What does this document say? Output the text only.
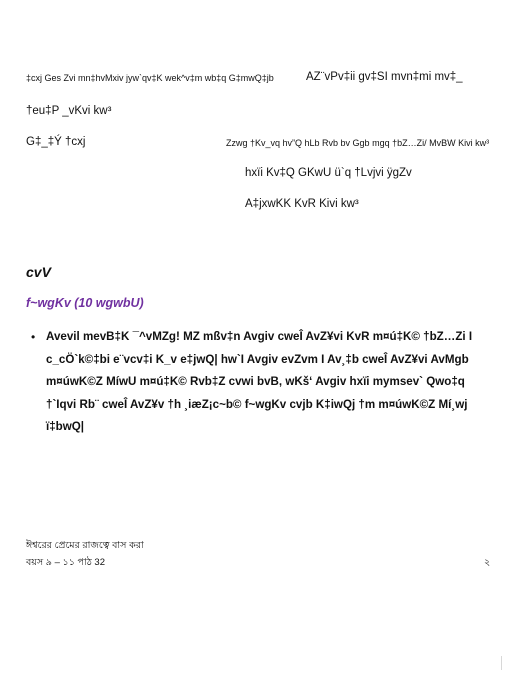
‡cxj Ges Zvi mn‡hvMxiv jyw`qv‡K wek^v‡m wb‡q G‡mwQ‡jb	AZ¨vPv‡ii gv‡SI mvn‡mi mv‡_
†eu‡P _vKvi kw³
G‡_‡Ý †cxj	Zzwg †Kv_vq hv”Q hLb Rvb bv Ggb mgq †bZ…Zi/ MvBW Kivi kw³
hxïi Kv‡Q GKwU ü`q †Lvjvi ÿgZv
A‡jxwKK KvR Kivi kw³
cvV
f~wgKv (10 wgwbU)
• Avevil mevB‡K ¯^vMZg! MZ mßv‡n Avgiv cweÎ AvZ¥vi KvR m¤ú‡K© †bZ…Zi I
c_cÖ`k©‡bi e¨vcv‡i K_v e‡jwQ| hw`I Avgiv evZvm I Av¸‡b cweÎ AvZ¥vi AvMgb
m¤úwK©Z MíwU m¤ú‡K© Rvb‡Z cvwi bvB, wKš‘ Avgiv hxïi mymsev` Qwo‡q
†`Iqvi Rb¨ cweÎ AvZ¥v †h ¸iæZ¡c~b© f~wgKv cvjb K‡iwQj †m m¤úwK©Z Mí¸wj
ï‡bwQ|
ঈশ্বরের প্রেমের রাজত্বে বাস করা
বয়স ৯ – ১১ পাঠ 32	২
